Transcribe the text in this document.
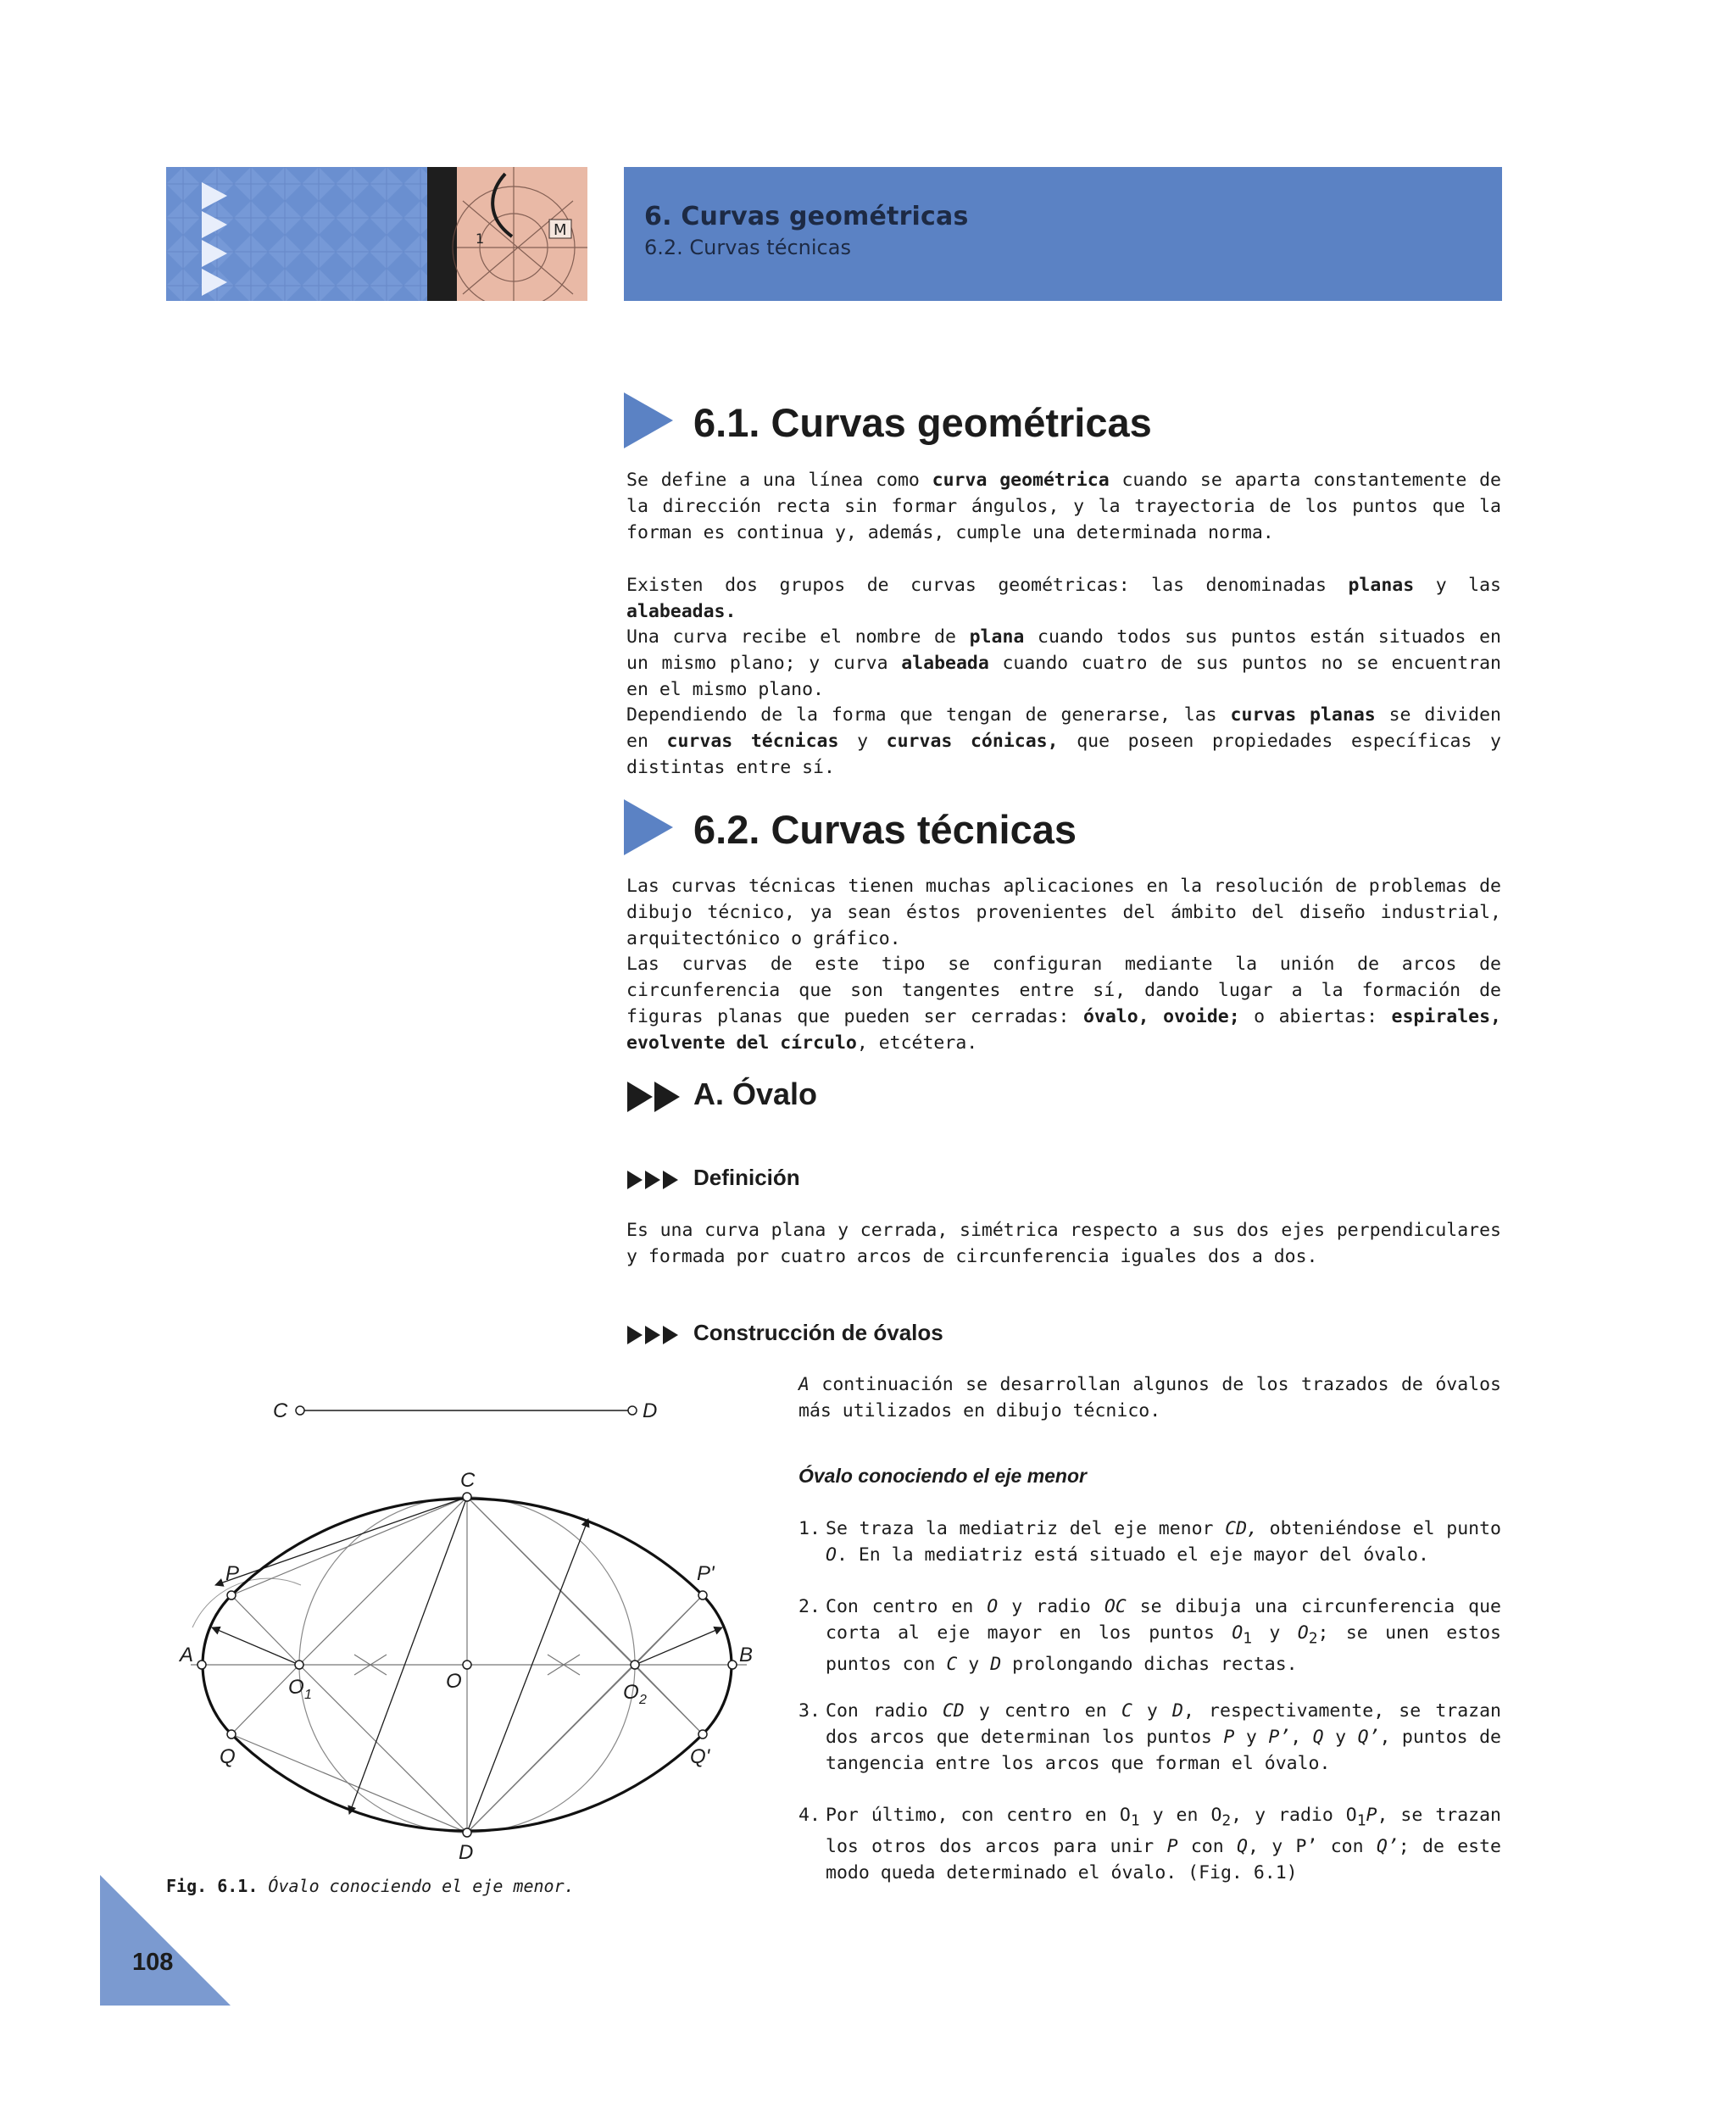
M
1
6. Curvas geométricas
6.2. Curvas técnicas
6.1. Curvas geométricas
Se define a una línea como curva geométrica cuando se aparta constantemente de la dirección recta sin formar ángulos, y la trayectoria de los puntos que la forman es continua y, además, cumple una determinada norma.
Existen dos grupos de curvas geométricas: las denominadas planas y las alabeadas.
Una curva recibe el nombre de plana cuando todos sus puntos están situados en un mismo plano; y curva alabeada cuando cuatro de sus puntos no se encuentran en el mismo plano.
Dependiendo de la forma que tengan de generarse, las curvas planas se dividen en curvas técnicas y curvas cónicas, que poseen propiedades específicas y distintas entre sí.
6.2. Curvas técnicas
Las curvas técnicas tienen muchas aplicaciones en la resolución de problemas de dibujo técnico, ya sean éstos provenientes del ámbito del diseño industrial, arquitectónico o gráfico.
Las curvas de este tipo se configuran mediante la unión de arcos de circunferencia que son tangentes entre sí, dando lugar a la formación de figuras planas que pueden ser cerradas: óvalo, ovoide; o abiertas: espirales, evolvente del círculo, etcétera.
A. Óvalo
Definición
Es una curva plana y cerrada, simétrica respecto a sus dos ejes perpendiculares y formada por cuatro arcos de circunferencia iguales dos a dos.
Construcción de óvalos
A continuación se desarrollan algunos de los trazados de óvalos más utilizados en dibujo técnico.
Óvalo conociendo el eje menor
1. Se traza la mediatriz del eje menor CD, obteniéndose el punto O. En la mediatriz está situado el eje mayor del óvalo.
2. Con centro en O y radio OC se dibuja una circunferencia que corta al eje mayor en los puntos $O_1$ y $O_2$; se unen estos puntos con C y D prolongando dichas rectas.
3. Con radio CD y centro en C y D, respectivamente, se trazan dos arcos que determinan los puntos P y P’, Q y Q’, puntos de tangencia entre los arcos que forman el óvalo.
4. Por último, con centro en $O_1$ y en $O_2$, y radio $O_1P$, se trazan los otros dos arcos para unir P con Q, y P’ con Q’; de este modo queda determinado el óvalo. (Fig. 6.1)
C	D
C
D
A	B
P	P'
Q	Q'
O
O 1	O 2
Fig. 6.1. Óvalo conociendo el eje menor.
108
